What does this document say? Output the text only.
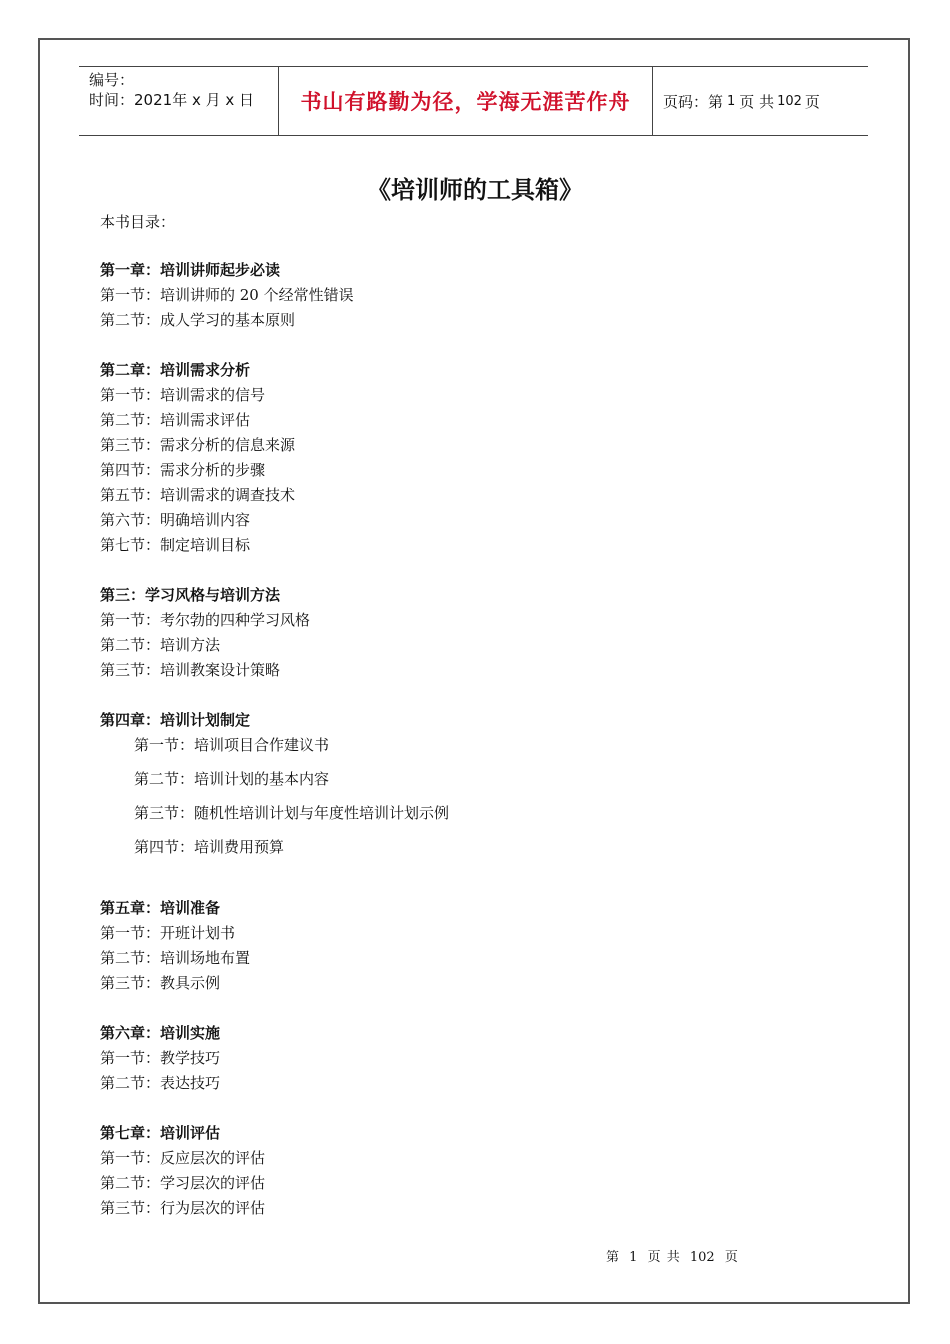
编号：
时间：2021年 x 月 x 日	书山有路勤为径，学海无涯苦作舟 页码：第 1 页 共 102 页
《培训师的工具箱》
本书目录：
第一章：培训讲师起步必读
第一节：培训讲师的 20 个经常性错误
第二节：成人学习的基本原则
第二章：培训需求分析
第一节：培训需求的信号
第二节：培训需求评估
第三节：需求分析的信息来源
第四节：需求分析的步骤
第五节：培训需求的调查技术
第六节：明确培训内容
第七节：制定培训目标
第三：学习风格与培训方法
第一节：考尔勃的四种学习风格
第二节：培训方法
第三节：培训教案设计策略
第四章：培训计划制定
第一节：培训项目合作建议书
第二节：培训计划的基本内容
第三节：随机性培训计划与年度性培训计划示例
第四节：培训费用预算
第五章：培训准备
第一节：开班计划书
第二节：培训场地布置
第三节：教具示例
第六章：培训实施
第一节：教学技巧
第二节：表达技巧
第七章：培训评估
第一节：反应层次的评估
第二节：学习层次的评估
第三节：行为层次的评估
第 1 页 共 102 页
